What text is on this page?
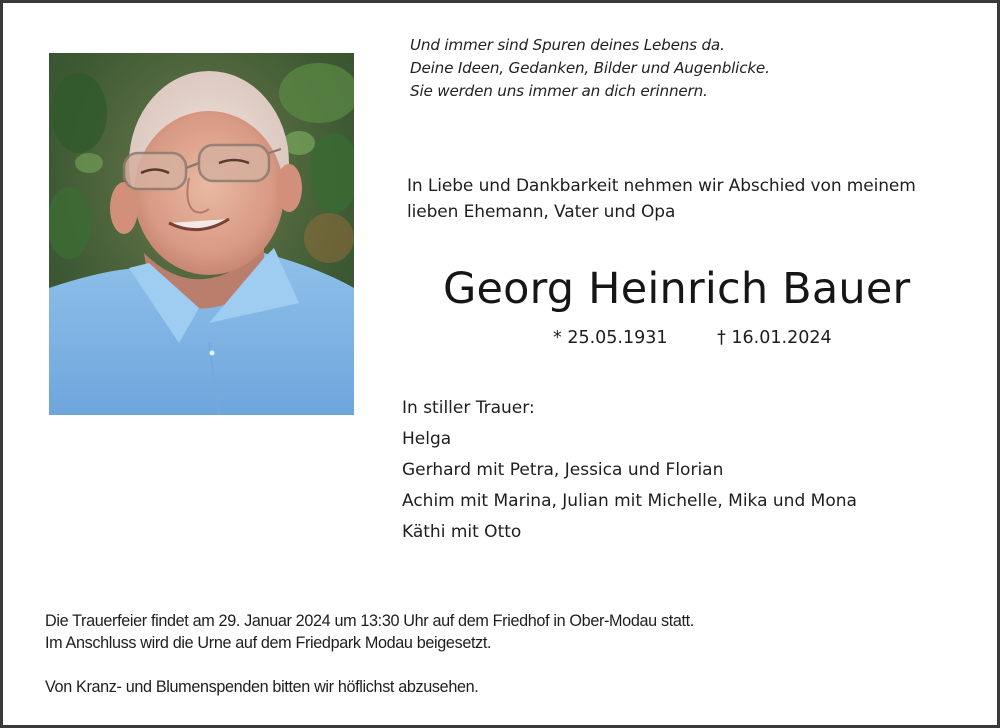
Und immer sind Spuren deines Lebens da.
Deine Ideen, Gedanken, Bilder und Augenblicke.
Sie werden uns immer an dich erinnern.
In Liebe und Dankbarkeit nehmen wir Abschied von meinem
lieben Ehemann, Vater und Opa
Georg Heinrich Bauer
* 25.05.1931	† 16.01.2024
In stiller Trauer:
Helga
Gerhard mit Petra, Jessica und Florian
Achim mit Marina, Julian mit Michelle, Mika und Mona
Käthi mit Otto
Die Trauerfeier findet am 29. Januar 2024 um 13:30 Uhr auf dem Friedhof in Ober-Modau statt.
Im Anschluss wird die Urne auf dem Friedpark Modau beigesetzt.
Von Kranz- und Blumenspenden bitten wir höflichst abzusehen.
